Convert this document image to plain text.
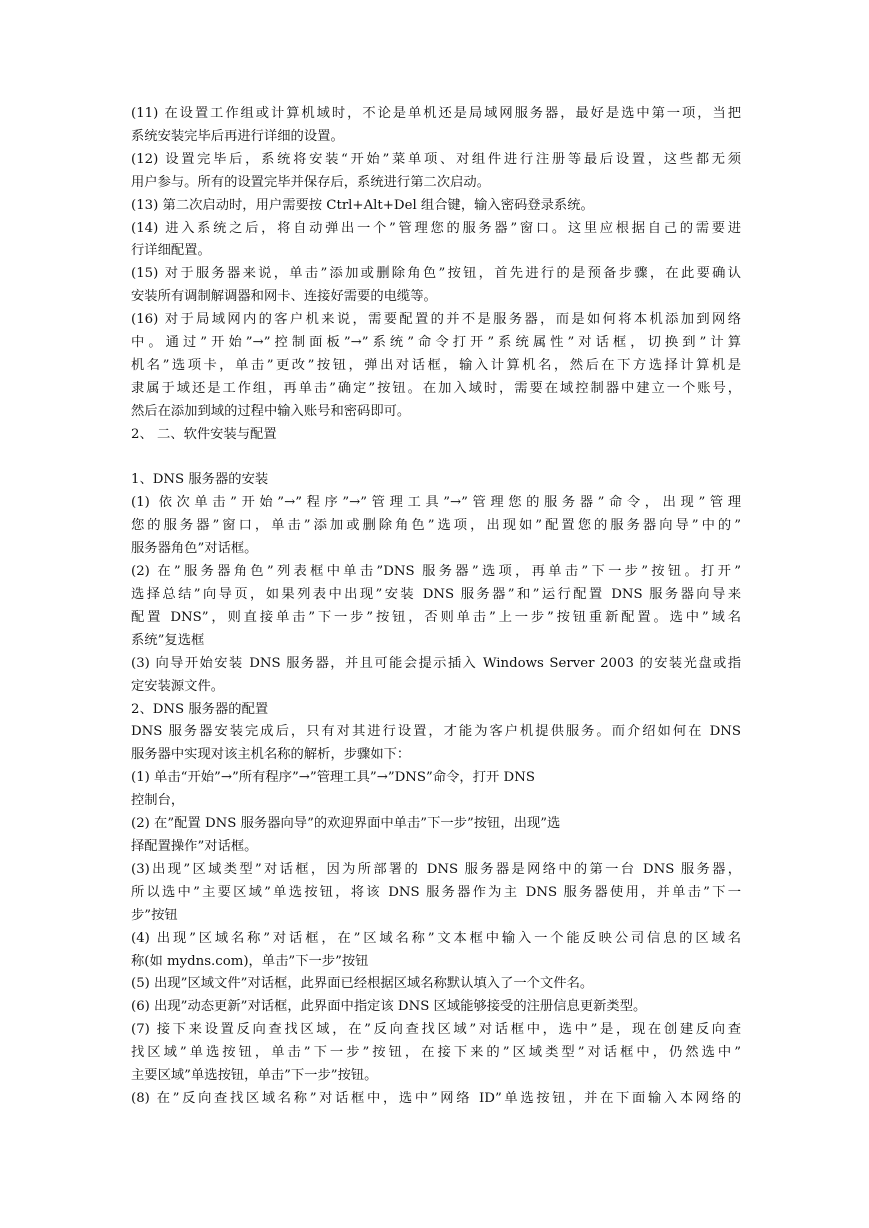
(11) 在设置工作组或计算机域时，不论是单机还是局域网服务器，最好是选中第一项，当把
系统安装完毕后再进行详细的设置。
(12) 设置完毕后，系统将安装“开始”菜单项、对组件进行注册等最后设置，这些都无须
用户参与。所有的设置完毕并保存后，系统进行第二次启动。
(13) 第二次启动时，用户需要按 Ctrl+Alt+Del 组合键，输入密码登录系统。
(14) 进入系统之后，将自动弹出一个”管理您的服务器”窗口。这里应根据自己的需要进
行详细配置。
(15) 对于服务器来说，单击”添加或删除角色”按钮，首先进行的是预备步骤，在此要确认
安装所有调制解调器和网卡、连接好需要的电缆等。
(16) 对于局域网内的客户机来说，需要配置的并不是服务器，而是如何将本机添加到网络
中。通过”开始”→”控制面板”→”系统”命令打开”系统属性”对话框，切换到”计算
机名”选项卡，单击”更改”按钮，弹出对话框，输入计算机名，然后在下方选择计算机是
隶属于域还是工作组，再单击”确定”按钮。在加入域时，需要在域控制器中建立一个账号，
然后在添加到域的过程中输入账号和密码即可。
2、 二、软件安装与配置
1、DNS 服务器的安装
(1) 依次单击”开始”→”程序”→”管理工具”→”管理您的服务器”命令，出现”管理
您的服务器”窗口，单击”添加或删除角色”选项，出现如”配置您的服务器向导”中的”
服务器角色”对话框。
(2) 在”服务器角色”列表框中单击”DNS 服务器”选项，再单击”下一步”按钮。打开”
选择总结”向导页，如果列表中出现”安装 DNS 服务器”和”运行配置 DNS 服务器向导来
配置 DNS”，则直接单击”下一步”按钮，否则单击”上一步”按钮重新配置。选中”域名
系统”复选框
(3) 向导开始安装 DNS 服务器，并且可能会提示插入 Windows Server 2003 的安装光盘或指
定安装源文件。
2、DNS 服务器的配置
DNS 服务器安装完成后，只有对其进行设置，才能为客户机提供服务。而介绍如何在 DNS
服务器中实现对该主机名称的解析，步骤如下：
(1) 单击“开始”→”所有程序”→”管理工具”→”DNS”命令，打开 DNS
控制台，
(2) 在”配置 DNS 服务器向导”的欢迎界面中单击”下一步”按钮，出现”选
择配置操作”对话框。
(3)出现”区域类型”对话框，因为所部署的 DNS 服务器是网络中的第一台 DNS 服务器，
所以选中”主要区域”单选按钮，将该 DNS 服务器作为主 DNS 服务器使用，并单击”下一
步”按钮
(4) 出现”区域名称”对话框，在”区域名称”文本框中输入一个能反映公司信息的区域名
称(如 mydns.com)，单击”下一步”按钮
(5) 出现”区域文件”对话框，此界面已经根据区域名称默认填入了一个文件名。
(6) 出现”动态更新”对话框，此界面中指定该 DNS 区域能够接受的注册信息更新类型。
(7) 接下来设置反向查找区域，在”反向查找区域”对话框中，选中”是，现在创建反向查
找区域”单选按钮，单击”下一步”按钮，在接下来的”区域类型”对话框中，仍然选中”
主要区域”单选按钮，单击”下一步”按钮。
(8) 在”反向查找区域名称”对话框中，选中”网络 ID”单选按钮，并在下面输入本网络的
